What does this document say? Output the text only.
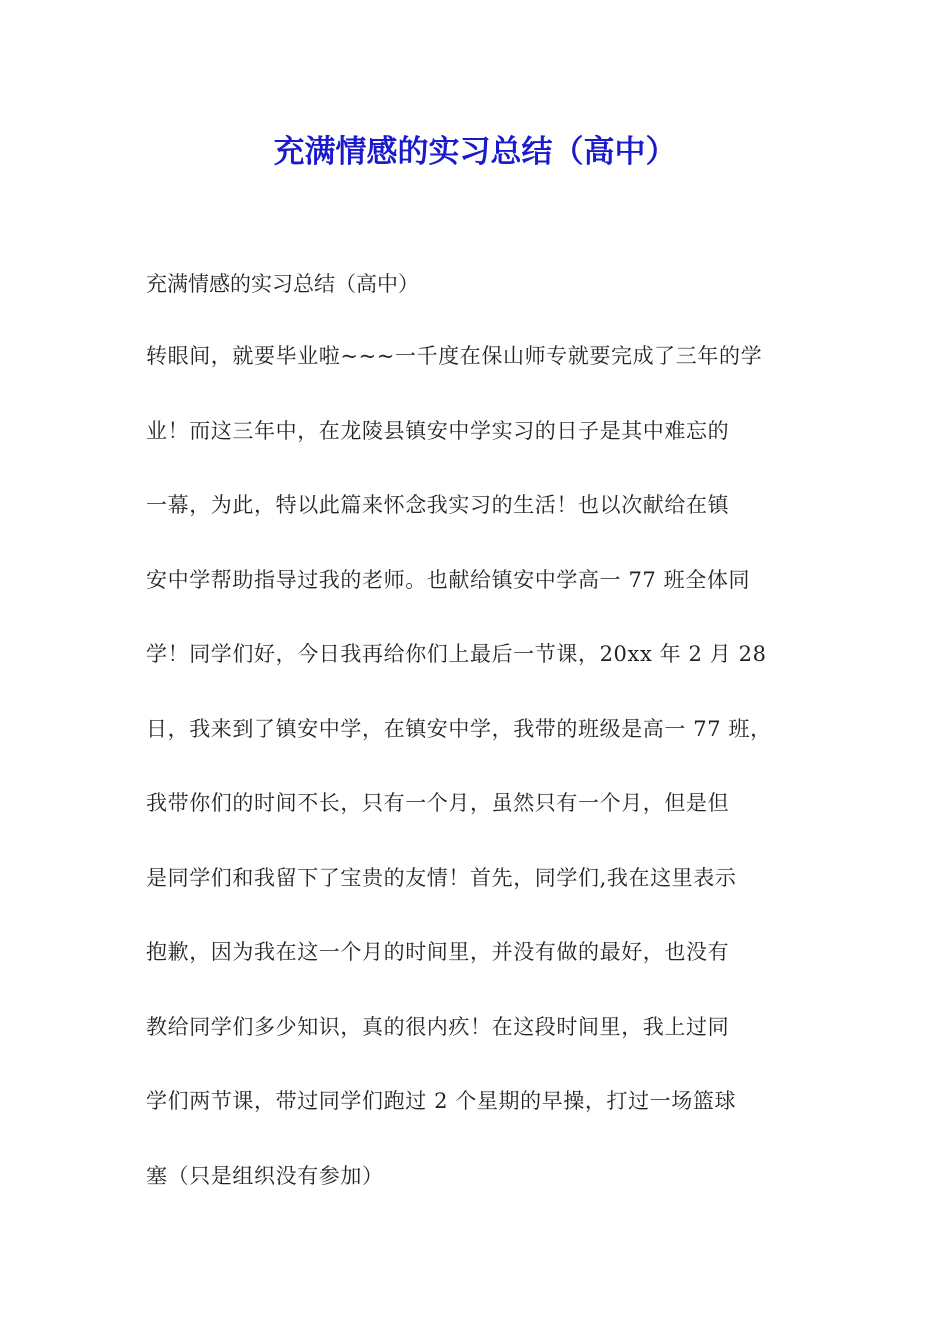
充满情感的实习总结（高中）

充满情感的实习总结（高中）

转眼间，就要毕业啦~~~一千度在保山师专就要完成了三年的学
业！而这三年中，在龙陵县镇安中学实习的日子是其中难忘的
一幕，为此，特以此篇来怀念我实习的生活！也以次献给在镇
安中学帮助指导过我的老师。也献给镇安中学高一 77 班全体同
学！同学们好，今日我再给你们上最后一节课，20xx 年 2 月 28
日，我来到了镇安中学，在镇安中学，我带的班级是高一 77 班，
我带你们的时间不长，只有一个月，虽然只有一个月，但是但
是同学们和我留下了宝贵的友情！首先，同学们,我在这里表示
抱歉，因为我在这一个月的时间里，并没有做的最好，也没有
教给同学们多少知识，真的很内疚！在这段时间里，我上过同
学们两节课，带过同学们跑过 2 个星期的早操，打过一场篮球
塞（只是组织没有参加）
